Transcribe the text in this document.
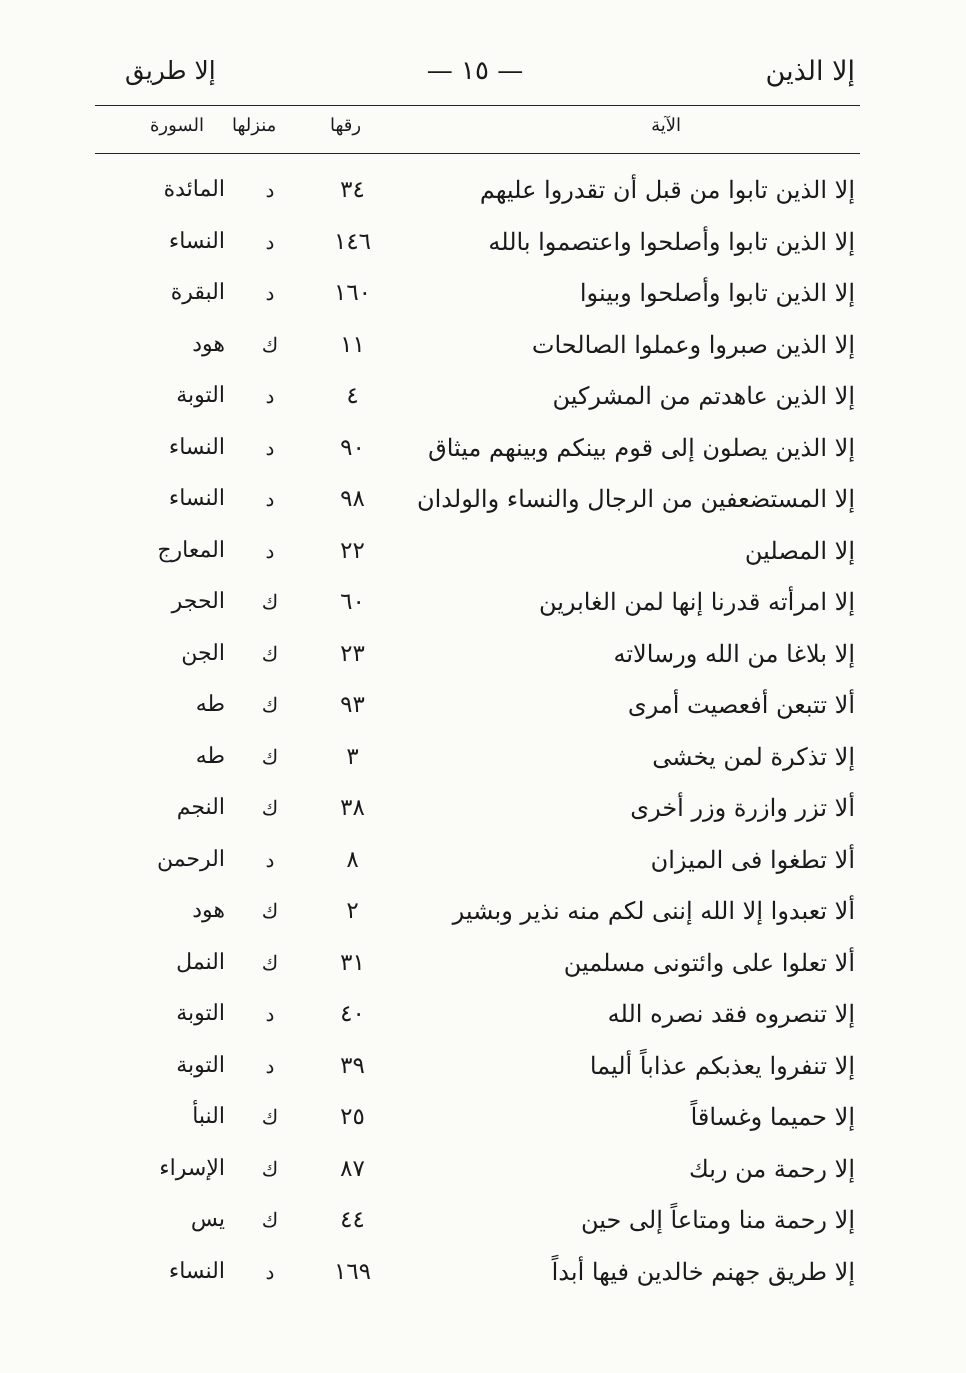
إلا الذين
— ١٥ —
إلا طريق
الآية
رقها
منزلها
السورة
إلا الذين تابوا من قبل أن تقدروا عليهم
٣٤
د
المائدة
إلا الذين تابوا وأصلحوا واعتصموا بالله
١٤٦
د
النساء
إلا الذين تابوا وأصلحوا وبينوا
١٦٠
د
البقرة
إلا الذين صبروا وعملوا الصالحات
١١
ك
هود
إلا الذين عاهدتم من المشركين
٤
د
التوبة
إلا الذين يصلون إلى قوم بينكم وبينهم ميثاق
٩٠
د
النساء
إلا المستضعفين من الرجال والنساء والولدان
٩٨
د
النساء
إلا المصلين
٢٢
د
المعارج
إلا امرأته قدرنا إنها لمن الغابرين
٦٠
ك
الحجر
إلا بلاغا من الله ورسالاته
٢٣
ك
الجن
ألا تتبعن أفعصيت أمرى
٩٣
ك
طه
إلا تذكرة لمن يخشى
٣
ك
طه
ألا تزر وازرة وزر أخرى
٣٨
ك
النجم
ألا تطغوا فى الميزان
٨
د
الرحمن
ألا تعبدوا إلا الله إننى لكم منه نذير وبشير
٢
ك
هود
ألا تعلوا على وائتونى مسلمين
٣١
ك
النمل
إلا تنصروه فقد نصره الله
٤٠
د
التوبة
إلا تنفروا يعذبكم عذاباً أليما
٣٩
د
التوبة
إلا حميما وغساقاً
٢٥
ك
النبأ
إلا رحمة من ربك
٨٧
ك
الإسراء
إلا رحمة منا ومتاعاً إلى حين
٤٤
ك
يس
إلا طريق جهنم خالدين فيها أبداً
١٦٩
د
النساء
